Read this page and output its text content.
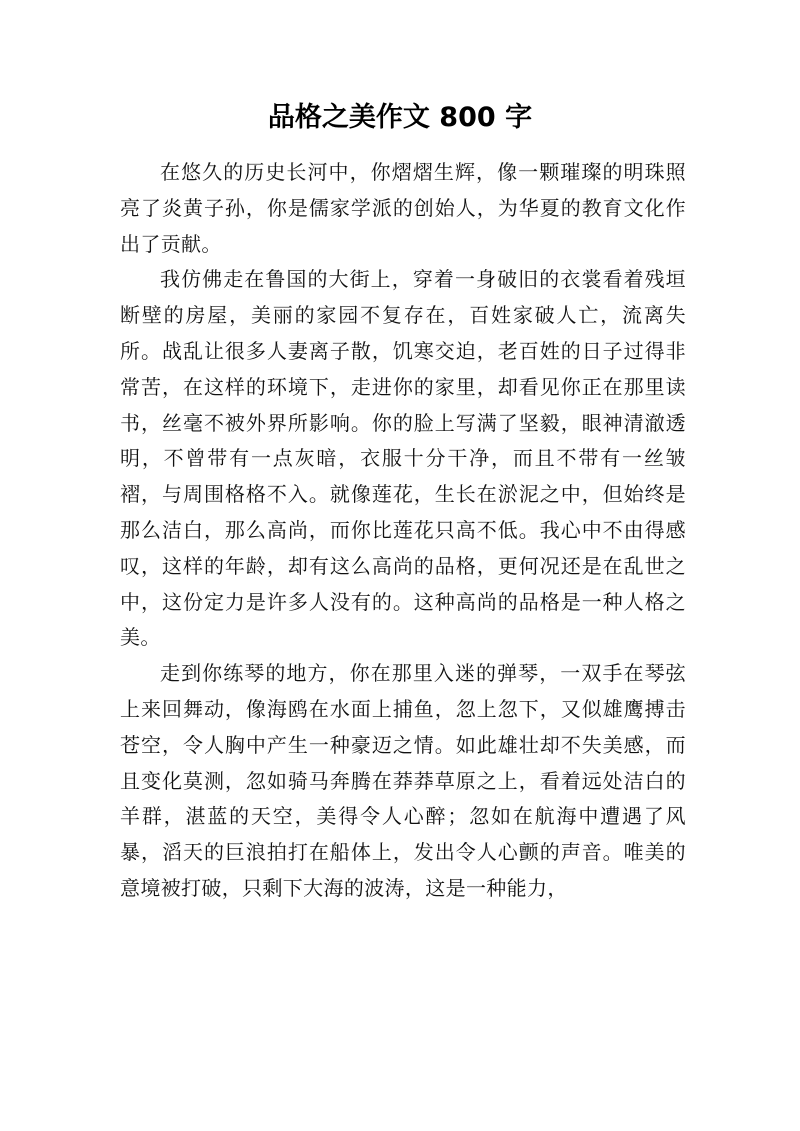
品格之美作文 800 字

在悠久的历史长河中，你熠熠生辉，像一颗璀璨的明珠照亮了炎黄子孙，你是儒家学派的创始人，为华夏的教育文化作出了贡献。

我仿佛走在鲁国的大街上，穿着一身破旧的衣裳看着残垣断壁的房屋，美丽的家园不复存在，百姓家破人亡，流离失所。战乱让很多人妻离子散，饥寒交迫，老百姓的日子过得非常苦，在这样的环境下，走进你的家里，却看见你正在那里读书，丝毫不被外界所影响。你的脸上写满了坚毅，眼神清澈透明，不曾带有一点灰暗，衣服十分干净，而且不带有一丝皱褶，与周围格格不入。就像莲花，生长在淤泥之中，但始终是那么洁白，那么高尚，而你比莲花只高不低。我心中不由得感叹，这样的年龄，却有这么高尚的品格，更何况还是在乱世之中，这份定力是许多人没有的。这种高尚的品格是一种人格之美。

走到你练琴的地方，你在那里入迷的弹琴，一双手在琴弦上来回舞动，像海鸥在水面上捕鱼，忽上忽下，又似雄鹰搏击苍空，令人胸中产生一种豪迈之情。如此雄壮却不失美感，而且变化莫测，忽如骑马奔腾在莽莽草原之上，看着远处洁白的羊群，湛蓝的天空，美得令人心醉；忽如在航海中遭遇了风暴，滔天的巨浪拍打在船体上，发出令人心颤的声音。唯美的意境被打破，只剩下大海的波涛，这是一种能力，
